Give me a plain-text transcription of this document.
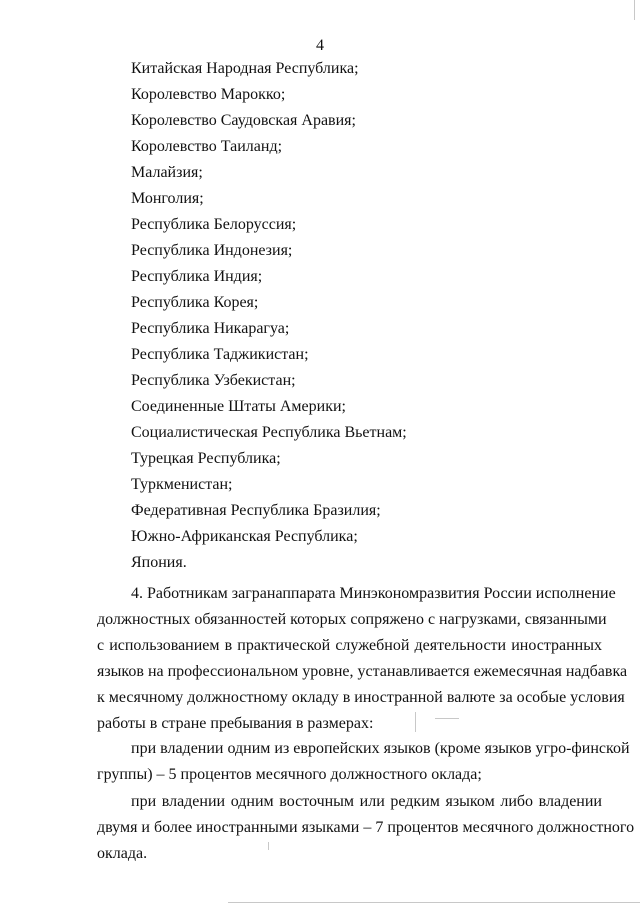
4
Китайская Народная Республика;
Королевство Марокко;
Королевство Саудовская Аравия;
Королевство Таиланд;
Малайзия;
Монголия;
Республика Белоруссия;
Республика Индонезия;
Республика Индия;
Республика Корея;
Республика Никарагуа;
Республика Таджикистан;
Республика Узбекистан;
Соединенные Штаты Америки;
Социалистическая Республика Вьетнам;
Турецкая Республика;
Туркменистан;
Федеративная Республика Бразилия;
Южно-Африканская Республика;
Япония.
4. Работникам загранаппарата Минэкономразвития России исполнение
должностных обязанностей которых сопряжено с нагрузками, связанными
с использованием в практической служебной деятельности иностранных
языков на профессиональном уровне, устанавливается ежемесячная надбавка
к месячному должностному окладу в иностранной валюте за особые условия
работы в стране пребывания в размерах:
при владении одним из европейских языков (кроме языков угро-финской
группы) – 5 процентов месячного должностного оклада;
при владении одним восточным или редким языком либо владении
двумя и более иностранными языками – 7 процентов месячного должностного
оклада.
